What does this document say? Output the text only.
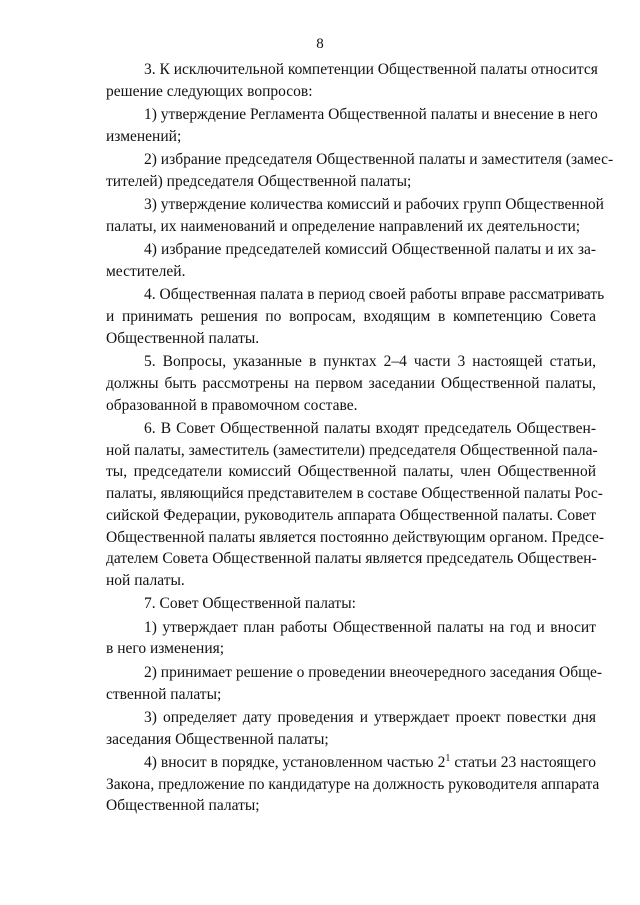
8
3. К исключительной компетенции Общественной палаты относится
решение следующих вопросов:
1) утверждение Регламента Общественной палаты и внесение в него
изменений;
2) избрание председателя Общественной палаты и заместителя (замес-
тителей) председателя Общественной палаты;
3) утверждение количества комиссий и рабочих групп Общественной
палаты, их наименований и определение направлений их деятельности;
4) избрание председателей комиссий Общественной палаты и их за-
местителей.
4. Общественная палата в период своей работы вправе рассматривать
и принимать решения по вопросам, входящим в компетенцию Совета
Общественной палаты.
5. Вопросы, указанные в пунктах 2–4 части 3 настоящей статьи,
должны быть рассмотрены на первом заседании Общественной палаты,
образованной в правомочном составе.
6. В Совет Общественной палаты входят председатель Обществен-
ной палаты, заместитель (заместители) председателя Общественной пала-
ты, председатели комиссий Общественной палаты, член Общественной
палаты, являющийся представителем в составе Общественной палаты Рос-
сийской Федерации, руководитель аппарата Общественной палаты. Совет
Общественной палаты является постоянно действующим органом. Предсе-
дателем Совета Общественной палаты является председатель Обществен-
ной палаты.
7. Совет Общественной палаты:
1) утверждает план работы Общественной палаты на год и вносит
в него изменения;
2) принимает решение о проведении внеочередного заседания Обще-
ственной палаты;
3) определяет дату проведения и утверждает проект повестки дня
заседания Общественной палаты;
4) вносит в порядке, установленном частью $2^1$ статьи 23 настоящего
Закона, предложение по кандидатуре на должность руководителя аппарата
Общественной палаты;
